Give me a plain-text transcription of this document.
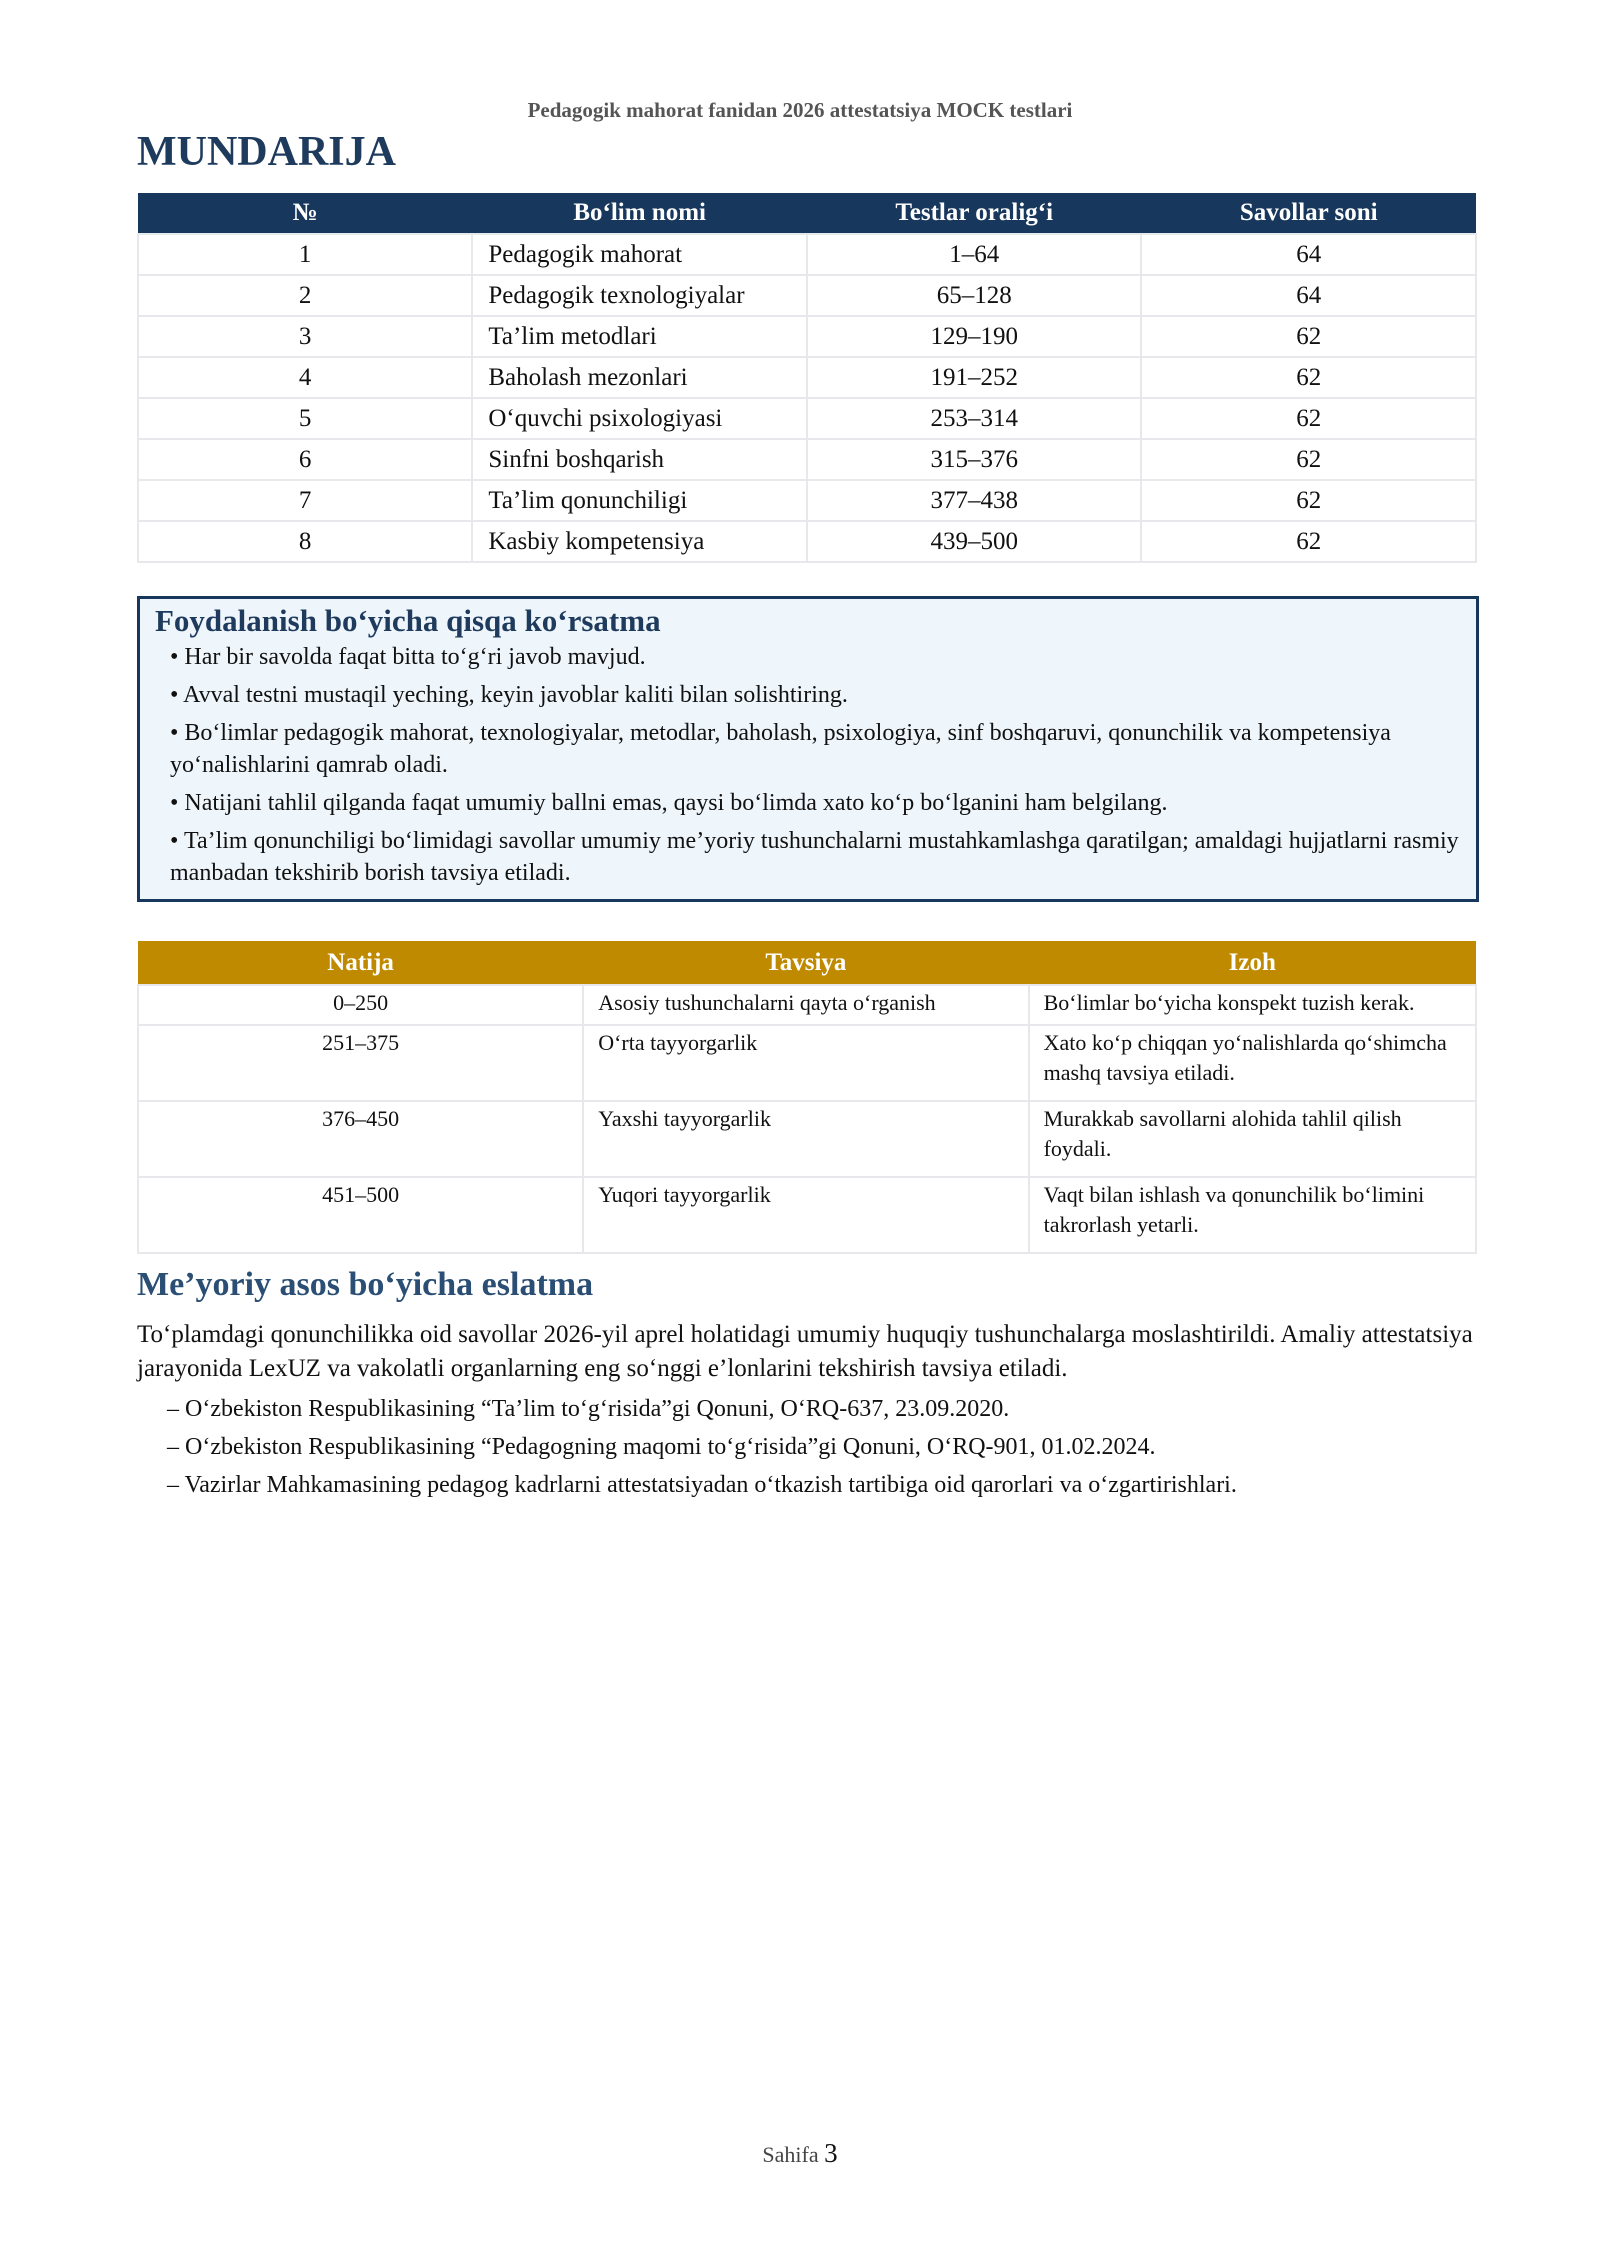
Pedagogik mahorat fanidan 2026 attestatsiya MOCK testlari
MUNDARIJA
№	Bo‘lim nomi	Testlar oralig‘i	Savollar soni
1	Pedagogik mahorat	1–64	64
2	Pedagogik texnologiyalar	65–128	64
3	Ta’lim metodlari	129–190	62
4	Baholash mezonlari	191–252	62
5	O‘quvchi psixologiyasi	253–314	62
6	Sinfni boshqarish	315–376	62
7	Ta’lim qonunchiligi	377–438	62
8	Kasbiy kompetensiya	439–500	62
Foydalanish bo‘yicha qisqa ko‘rsatma
• Har bir savolda faqat bitta to‘g‘ri javob mavjud.
• Avval testni mustaqil yeching, keyin javoblar kaliti bilan solishtiring.
• Bo‘limlar pedagogik mahorat, texnologiyalar, metodlar, baholash, psixologiya, sinf boshqaruvi, qonunchilik va kompetensiya yo‘nalishlarini qamrab oladi.
• Natijani tahlil qilganda faqat umumiy ballni emas, qaysi bo‘limda xato ko‘p bo‘lganini ham belgilang.
• Ta’lim qonunchiligi bo‘limidagi savollar umumiy me’yoriy tushunchalarni mustahkamlashga qaratilgan; amaldagi hujjatlarni rasmiy manbadan tekshirib borish tavsiya etiladi.
Natija	Tavsiya	Izoh
0–250	Asosiy tushunchalarni qayta o‘rganish	Bo‘limlar bo‘yicha konspekt tuzish kerak.
251–375	O‘rta tayyorgarlik	Xato ko‘p chiqqan yo‘nalishlarda qo‘shimcha mashq tavsiya etiladi.
376–450	Yaxshi tayyorgarlik	Murakkab savollarni alohida tahlil qilish foydali.
451–500	Yuqori tayyorgarlik	Vaqt bilan ishlash va qonunchilik bo‘limini takrorlash yetarli.
Me’yoriy asos bo‘yicha eslatma
To‘plamdagi qonunchilikka oid savollar 2026-yil aprel holatidagi umumiy huquqiy tushunchalarga moslashtirildi. Amaliy attestatsiya jarayonida LexUZ va vakolatli organlarning eng so‘nggi e’lonlarini tekshirish tavsiya etiladi.
– O‘zbekiston Respublikasining “Ta’lim to‘g‘risida”gi Qonuni, O‘RQ-637, 23.09.2020.
– O‘zbekiston Respublikasining “Pedagogning maqomi to‘g‘risida”gi Qonuni, O‘RQ-901, 01.02.2024.
– Vazirlar Mahkamasining pedagog kadrlarni attestatsiyadan o‘tkazish tartibiga oid qarorlari va o‘zgartirishlari.
Sahifa 3
